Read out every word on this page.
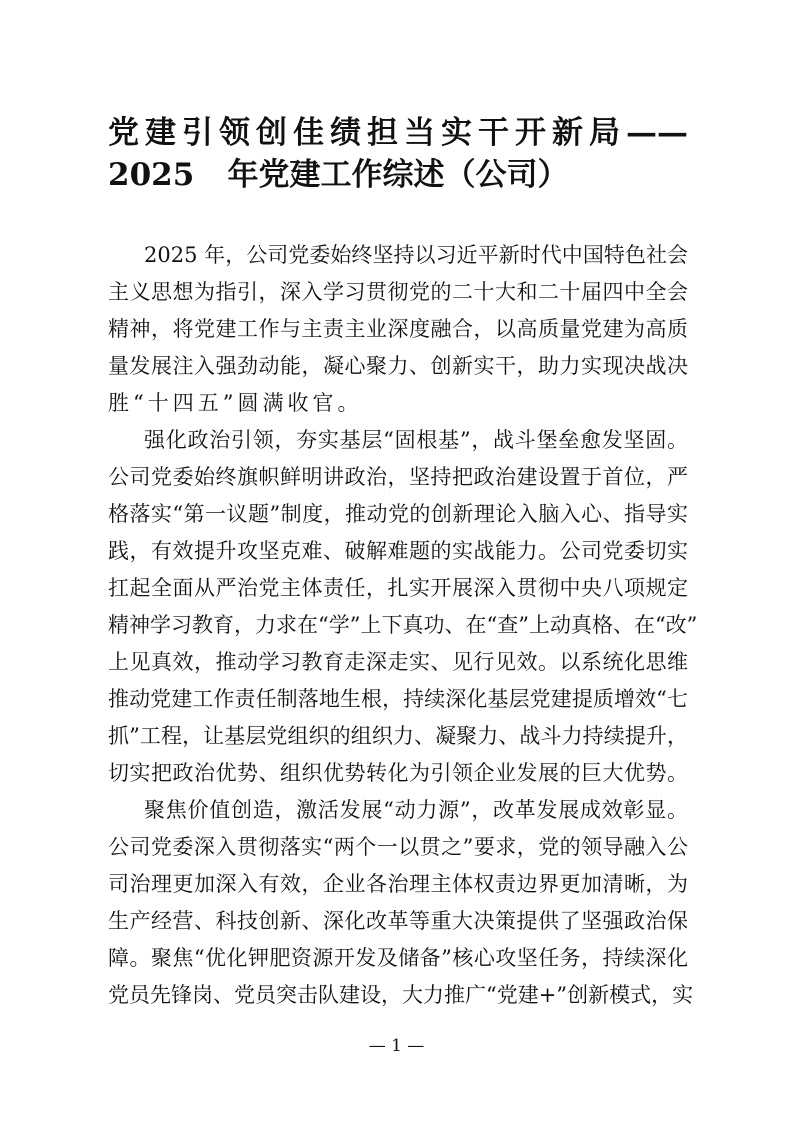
党建引领创佳绩担当实干开新局——2025	年党建工作综述（公司）
2025 年，公司党委始终坚持以习近平新时代中国特色社会
主义思想为指引，深入学习贯彻党的二十大和二十届四中全会
精神，将党建工作与主责主业深度融合，以高质量党建为高质
量发展注入强劲动能，凝心聚力、创新实干，助力实现决战决
胜“十四五”圆满收官。
强化政治引领，夯实基层“固根基”，战斗堡垒愈发坚固。
公司党委始终旗帜鲜明讲政治，坚持把政治建设置于首位，严
格落实“第一议题”制度，推动党的创新理论入脑入心、指导实
践，有效提升攻坚克难、破解难题的实战能力。公司党委切实
扛起全面从严治党主体责任，扎实开展深入贯彻中央八项规定
精神学习教育，力求在“学”上下真功、在“查”上动真格、在“改”
上见真效，推动学习教育走深走实、见行见效。以系统化思维
推动党建工作责任制落地生根，持续深化基层党建提质增效“七
抓”工程，让基层党组织的组织力、凝聚力、战斗力持续提升，
切实把政治优势、组织优势转化为引领企业发展的巨大优势。
聚焦价值创造，激活发展“动力源”，改革发展成效彰显。
公司党委深入贯彻落实“两个一以贯之”要求，党的领导融入公
司治理更加深入有效，企业各治理主体权责边界更加清晰，为
生产经营、科技创新、深化改革等重大决策提供了坚强政治保
障。聚焦“优化钾肥资源开发及储备”核心攻坚任务，持续深化
党员先锋岗、党员突击队建设，大力推广“党建+”创新模式，实
— 1 —
